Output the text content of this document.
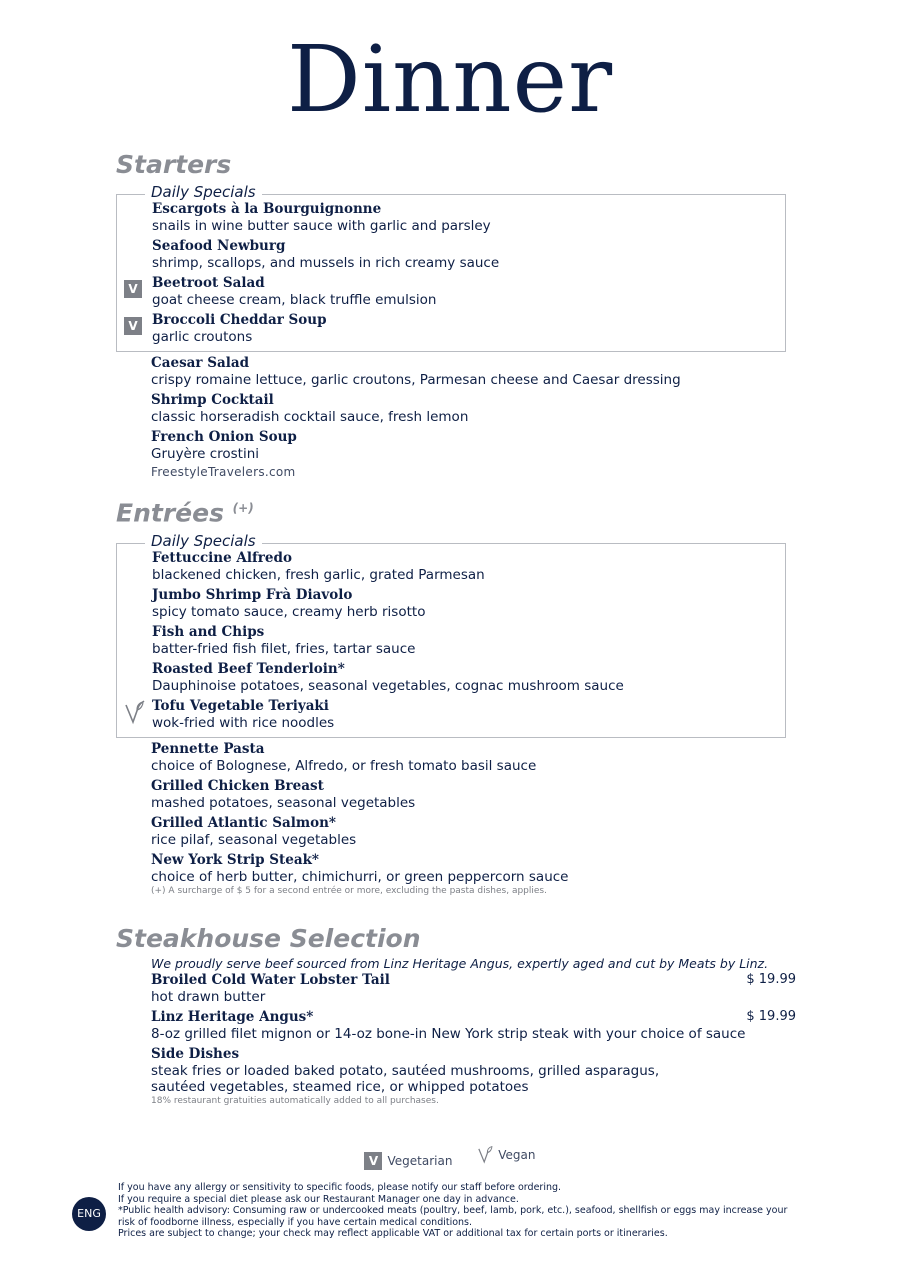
Dinner
Starters
Daily Specials
Escargots à la Bourguignonne
snails in wine butter sauce with garlic and parsley
Seafood Newburg
shrimp, scallops, and mussels in rich creamy sauce
V	Beetroot Salad
goat cheese cream, black truffle emulsion
V	Broccoli Cheddar Soup
garlic croutons
Caesar Salad
crispy romaine lettuce, garlic croutons, Parmesan cheese and Caesar dressing
Shrimp Cocktail
classic horseradish cocktail sauce, fresh lemon
French Onion Soup
Gruyère crostini
FreestyleTravelers.com
Entrées (+)
Daily Specials
Fettuccine Alfredo
blackened chicken, fresh garlic, grated Parmesan
Jumbo Shrimp Frà Diavolo
spicy tomato sauce, creamy herb risotto
Fish and Chips
batter-fried fish filet, fries, tartar sauce
Roasted Beef Tenderloin*
Dauphinoise potatoes, seasonal vegetables, cognac mushroom sauce
Tofu Vegetable Teriyaki
wok-fried with rice noodles
Pennette Pasta
choice of Bolognese, Alfredo, or fresh tomato basil sauce
Grilled Chicken Breast
mashed potatoes, seasonal vegetables
Grilled Atlantic Salmon*
rice pilaf, seasonal vegetables
New York Strip Steak*
choice of herb butter, chimichurri, or green peppercorn sauce
(+) A surcharge of $ 5 for a second entrée or more, excluding the pasta dishes, applies.
Steakhouse Selection
We proudly serve beef sourced from Linz Heritage Angus, expertly aged and cut by Meats by Linz.
Broiled Cold Water Lobster Tail
hot drawn butter
$ 19.99
Linz Heritage Angus*
8-oz grilled filet mignon or 14-oz bone-in New York strip steak with your choice of sauce
$ 19.99
Side Dishes
steak fries or loaded baked potato, sautéed mushrooms, grilled asparagus,
sautéed vegetables, steamed rice, or whipped potatoes
18% restaurant gratuities automatically added to all purchases.
V Vegetarian
	Vegan
ENG
If you have any allergy or sensitivity to specific foods, please notify our staff before ordering.
If you require a special diet please ask our Restaurant Manager one day in advance.
*Public health advisory: Consuming raw or undercooked meats (poultry, beef, lamb, pork, etc.), seafood, shellfish or eggs may increase your risk of foodborne illness, especially if you have certain medical conditions.
Prices are subject to change; your check may reflect applicable VAT or additional tax for certain ports or itineraries.
